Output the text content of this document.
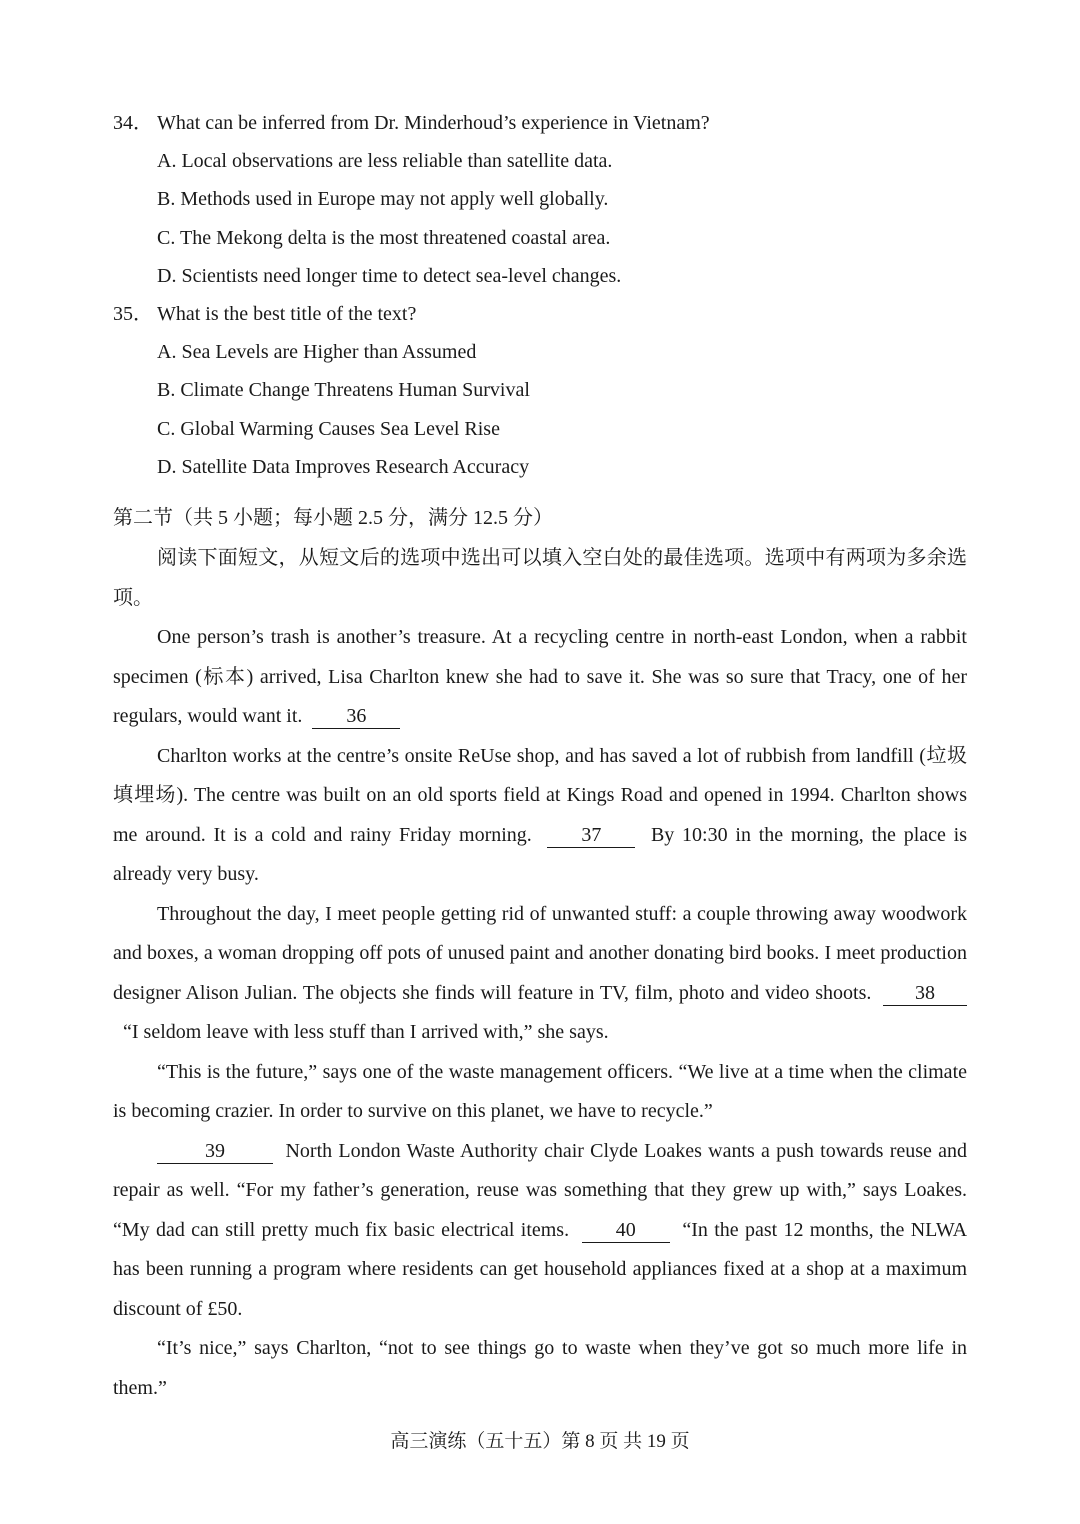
34． What can be inferred from Dr. Minderhoud’s experience in Vietnam?
A. Local observations are less reliable than satellite data.
B. Methods used in Europe may not apply well globally.
C. The Mekong delta is the most threatened coastal area.
D. Scientists need longer time to detect sea-level changes.
35． What is the best title of the text?
A. Sea Levels are Higher than Assumed
B. Climate Change Threatens Human Survival
C. Global Warming Causes Sea Level Rise
D. Satellite Data Improves Research Accuracy
第二节（共 5 小题；每小题 2.5 分，满分 12.5 分）
阅读下面短文，从短文后的选项中选出可以填入空白处的最佳选项。选项中有两项为多余选项。

One person’s trash is another’s treasure. At a recycling centre in north-east London, when a rabbit specimen (标本) arrived, Lisa Charlton knew she had to save it. She was so sure that Tracy, one of her regulars, would want it. 36

Charlton works at the centre’s onsite ReUse shop, and has saved a lot of rubbish from landfill (垃圾填埋场). The centre was built on an old sports field at Kings Road and opened in 1994. Charlton shows me around. It is a cold and rainy Friday morning. 37 By 10:30 in the morning, the place is already very busy.

Throughout the day, I meet people getting rid of unwanted stuff: a couple throwing away woodwork and boxes, a woman dropping off pots of unused paint and another donating bird books. I meet production designer Alison Julian. The objects she finds will feature in TV, film, photo and video shoots. 38  “I seldom leave with less stuff than I arrived with,” she says.

“This is the future,” says one of the waste management officers. “We live at a time when the climate is becoming crazier. In order to survive on this planet, we have to recycle.”

39	North London Waste Authority chair Clyde Loakes wants a push towards reuse and repair as well. “For my father’s generation, reuse was something that they grew up with,” says Loakes. “My dad can still pretty much fix basic electrical items. 40 “In the past 12 months, the NLWA has been running a program where residents can get household appliances fixed at a shop at a maximum discount of £50.

“It’s nice,” says Charlton, “not to see things go to waste when they’ve got so much more life in them.”

高三演练（五十五）第 8 页 共 19 页
